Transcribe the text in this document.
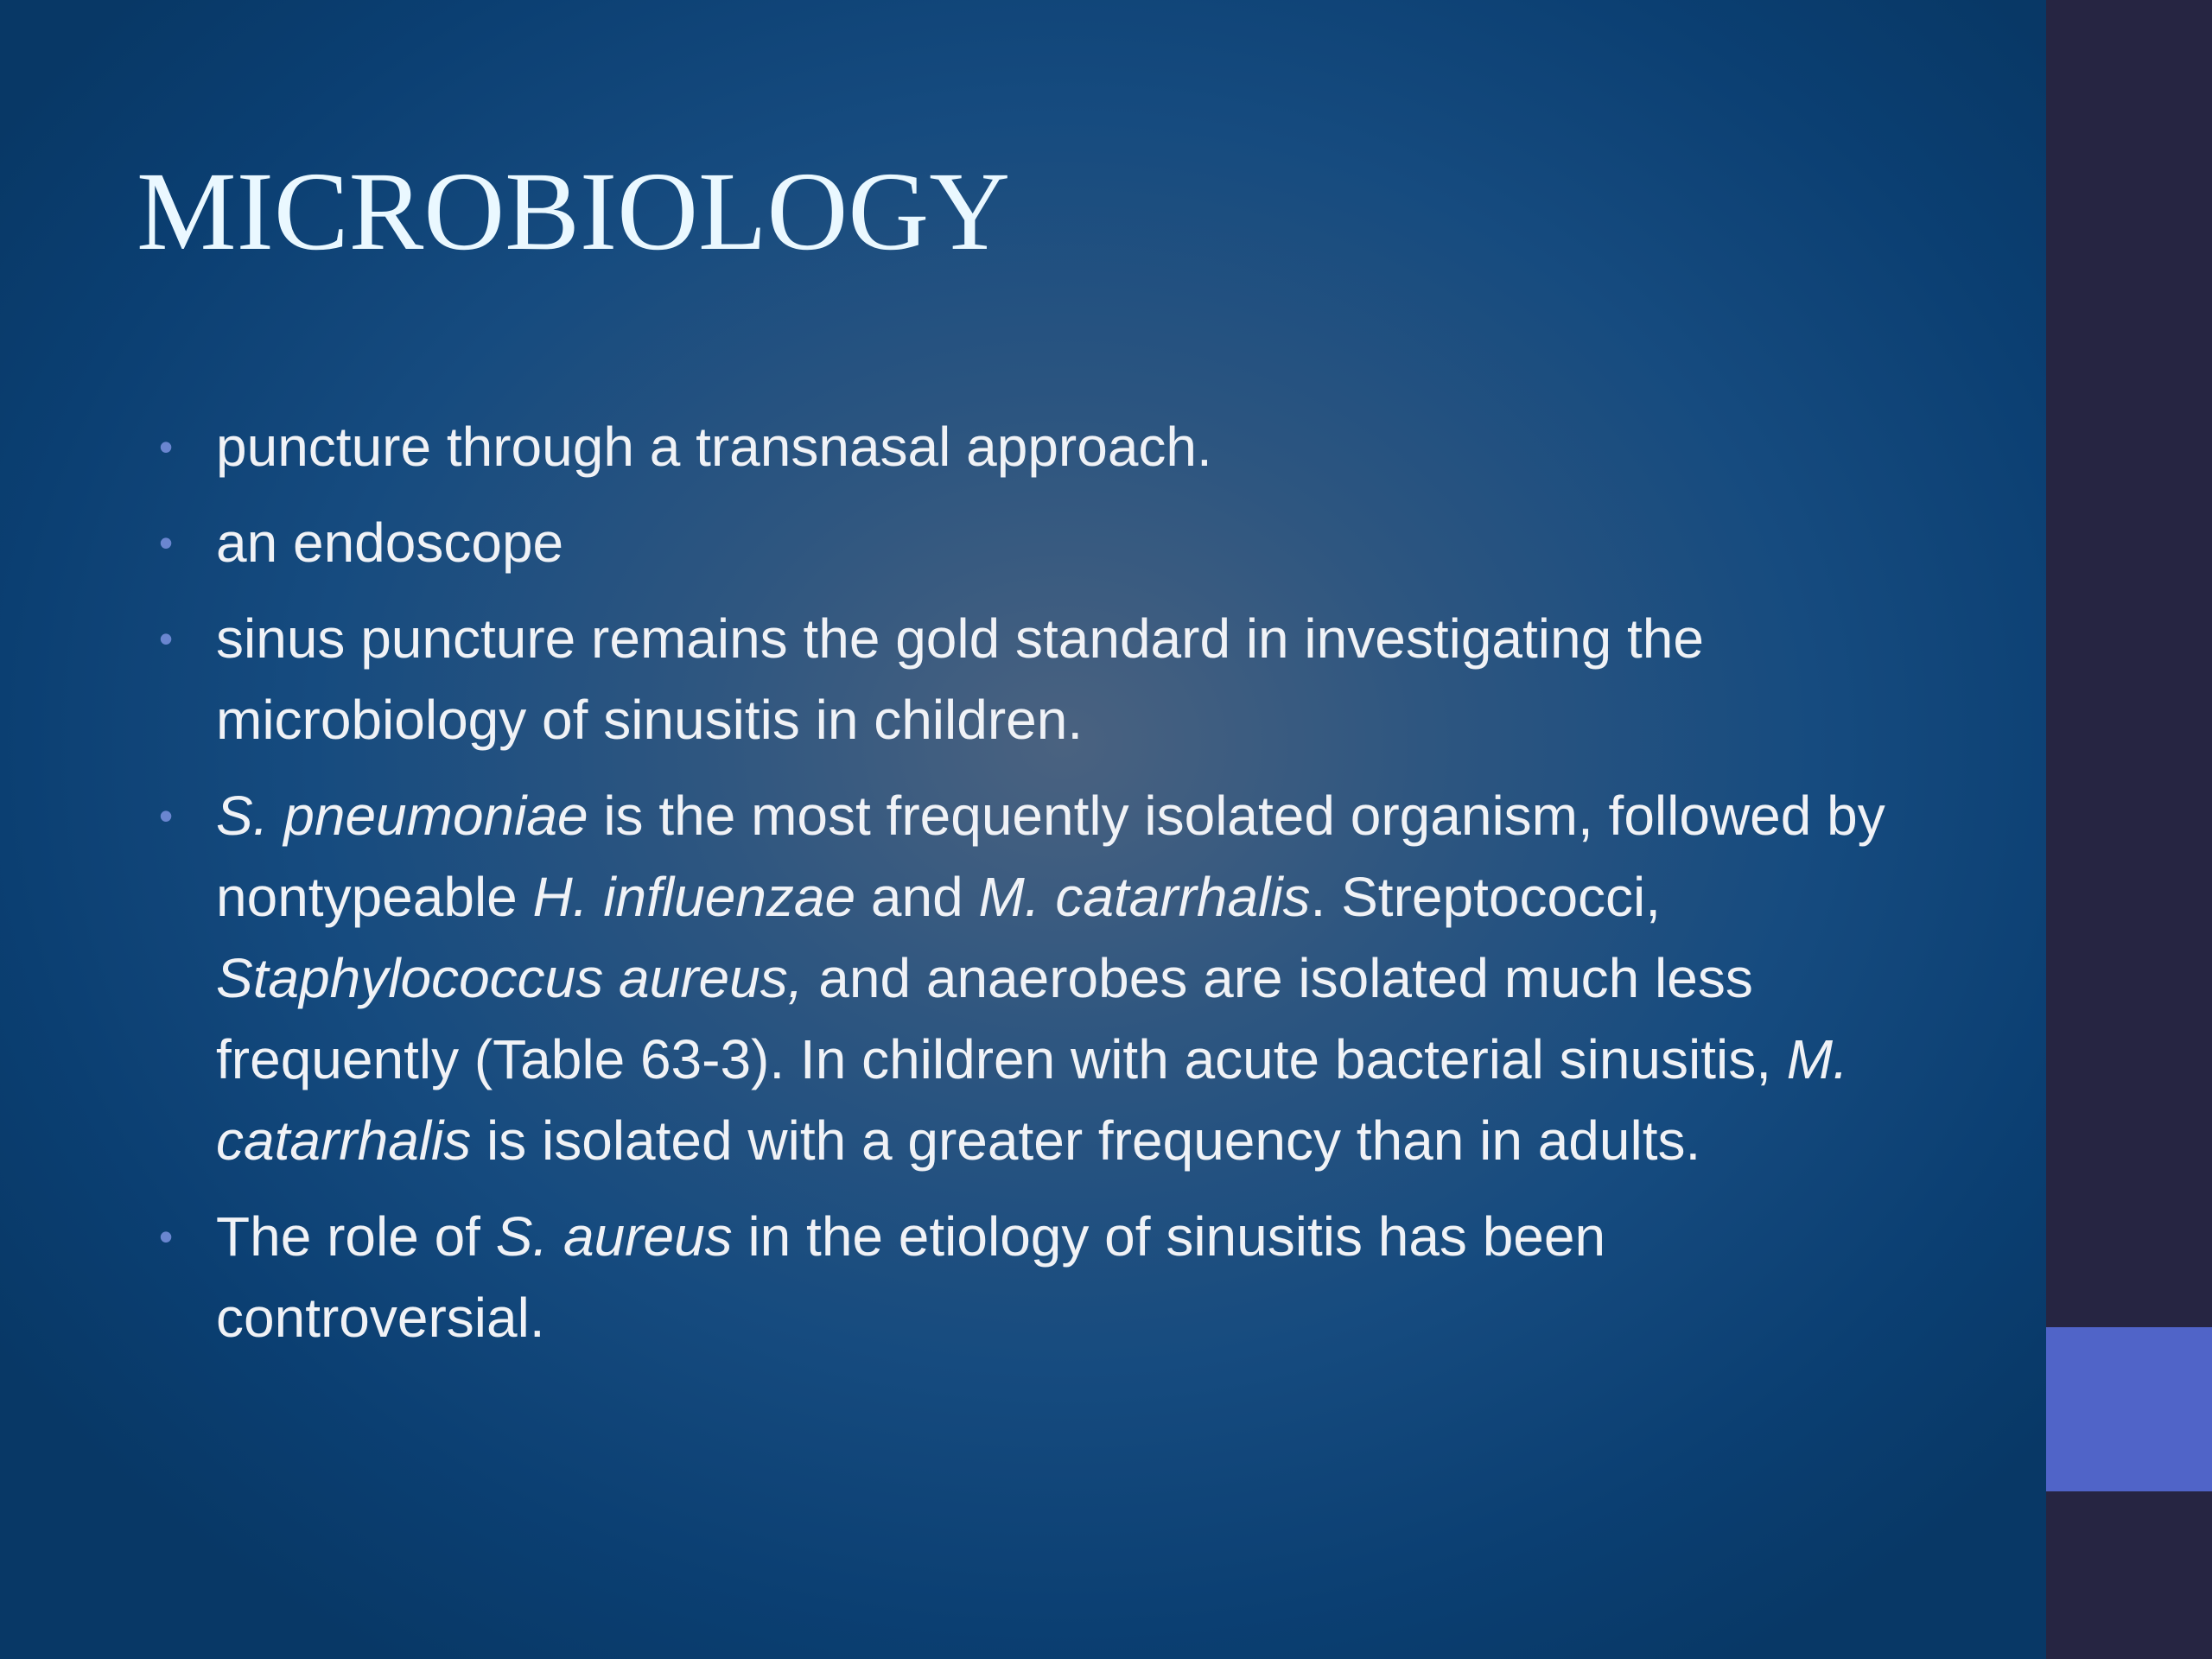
MICROBIOLOGY
• puncture through a transnasal approach.
• an endoscope
• sinus puncture remains the gold standard in investigating the microbiology of sinusitis in children.
• S. pneumoniae is the most frequently isolated organism, followed by nontypeable H. influenzae and M. catarrhalis. Streptococci, Staphylococcus aureus, and anaerobes are isolated much less frequently (Table 63-3). In children with acute bacterial sinusitis, M. catarrhalis is isolated with a greater frequency than in adults.
• The role of S. aureus in the etiology of sinusitis has been controversial.
